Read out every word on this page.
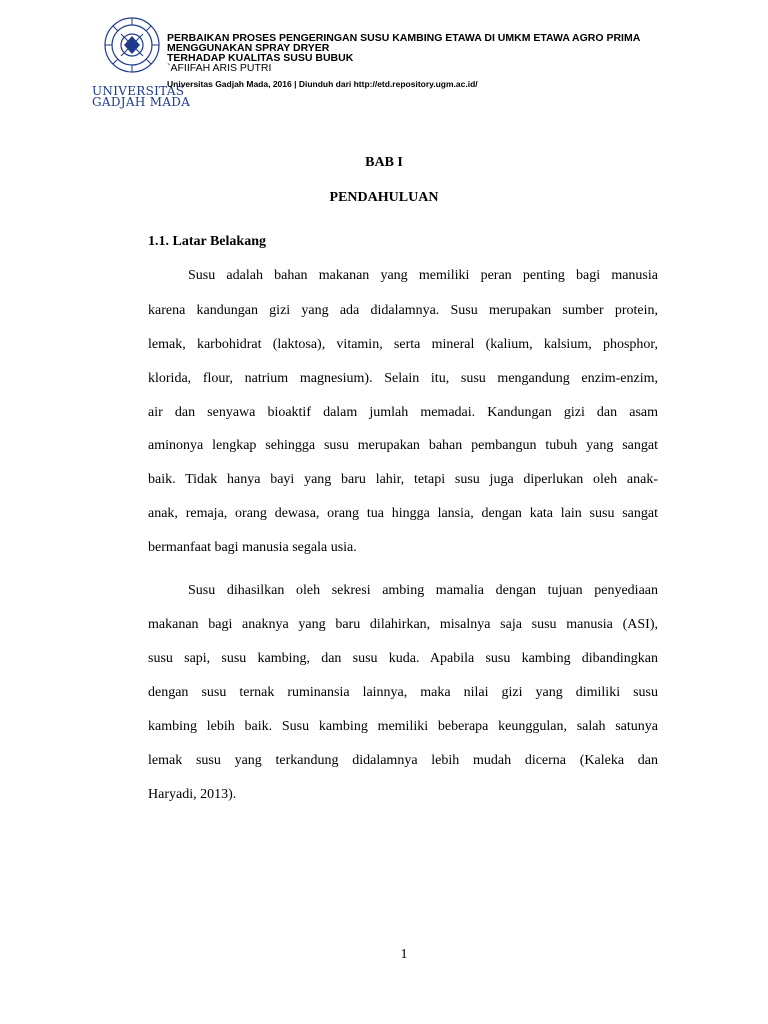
UNIVERSITAS
GADJAH MADA
PERBAIKAN PROSES PENGERINGAN SUSU KAMBING ETAWA DI UMKM ETAWA AGRO PRIMA
MENGGUNAKAN SPRAY DRYER
TERHADAP KUALITAS SUSU BUBUK
`AFIIFAH ARIS PUTRI
Universitas Gadjah Mada, 2016 | Diunduh dari http://etd.repository.ugm.ac.id/
BAB I
PENDAHULUAN
1.1. Latar Belakang
Susu adalah bahan makanan yang memiliki peran penting bagi manusia
karena kandungan gizi yang ada didalamnya. Susu merupakan sumber protein,
lemak, karbohidrat (laktosa), vitamin, serta mineral (kalium, kalsium, phosphor,
klorida, flour, natrium magnesium). Selain itu, susu mengandung enzim-enzim,
air dan senyawa bioaktif dalam jumlah memadai. Kandungan gizi dan asam
aminonya lengkap sehingga susu merupakan bahan pembangun tubuh yang sangat
baik. Tidak hanya bayi yang baru lahir, tetapi susu juga diperlukan oleh anak-
anak, remaja, orang dewasa, orang tua hingga lansia, dengan kata lain susu sangat
bermanfaat bagi manusia segala usia.
Susu dihasilkan oleh sekresi ambing mamalia dengan tujuan penyediaan
makanan bagi anaknya yang baru dilahirkan, misalnya saja susu manusia (ASI),
susu sapi, susu kambing, dan susu kuda. Apabila susu kambing dibandingkan
dengan susu ternak ruminansia lainnya, maka nilai gizi yang dimiliki susu
kambing lebih baik. Susu kambing memiliki beberapa keunggulan, salah satunya
lemak susu yang terkandung didalamnya lebih mudah dicerna (Kaleka dan
Haryadi, 2013).
1
